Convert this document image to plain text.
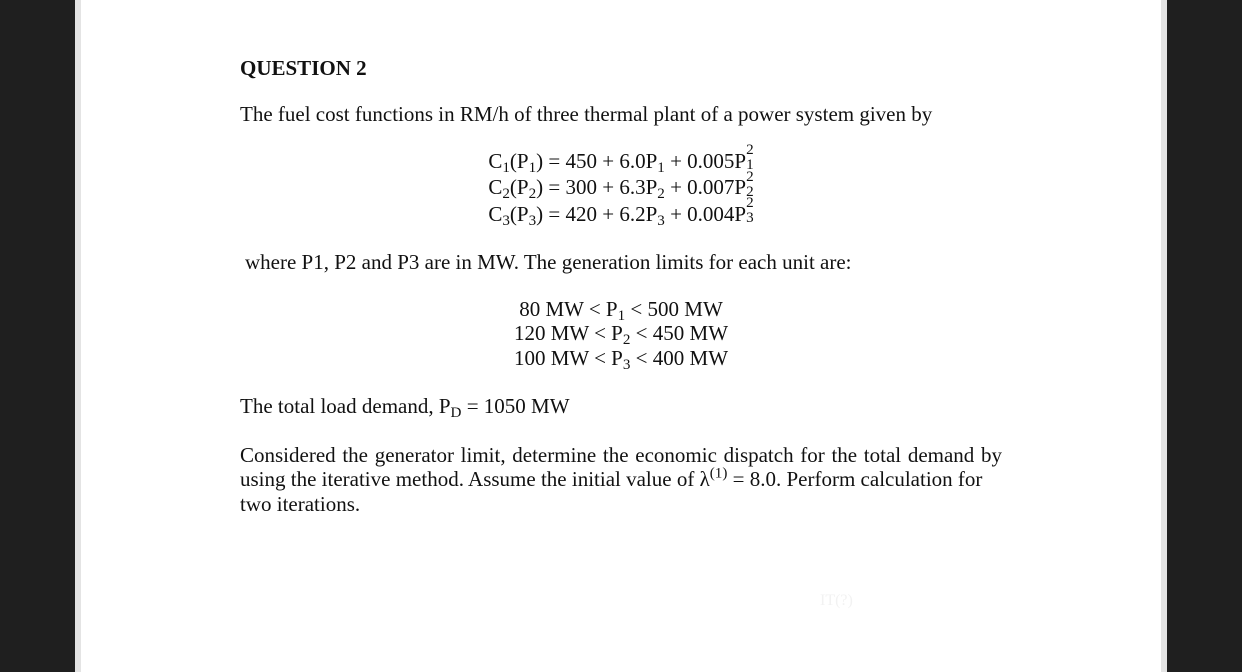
QUESTION 2

The fuel cost functions in RM/h of three thermal plant of a power system given by

$C_1(P_1) = 450 + 6.0P_1 + 0.005P$ 2
1
$C_2(P_2) = 300 + 6.3P_2 + 0.007P$ 2
2
$C_3(P_3) = 420 + 6.2P_3 + 0.004P$ 2
3

where P1, P2 and P3 are in MW. The generation limits for each unit are:

80 MW < $P_1 < 500$ MW
120 MW < $P_2 < 450$ MW
100 MW < $P_3 < 400$ MW

The total load demand, $P_D = 1050$ MW

Considered the generator limit, determine the economic dispatch for the total demand by using the iterative method. Assume the initial value of $\lambda^{(1)} = 8.0$. Perform calculation for

two iterations.

IT(?)
